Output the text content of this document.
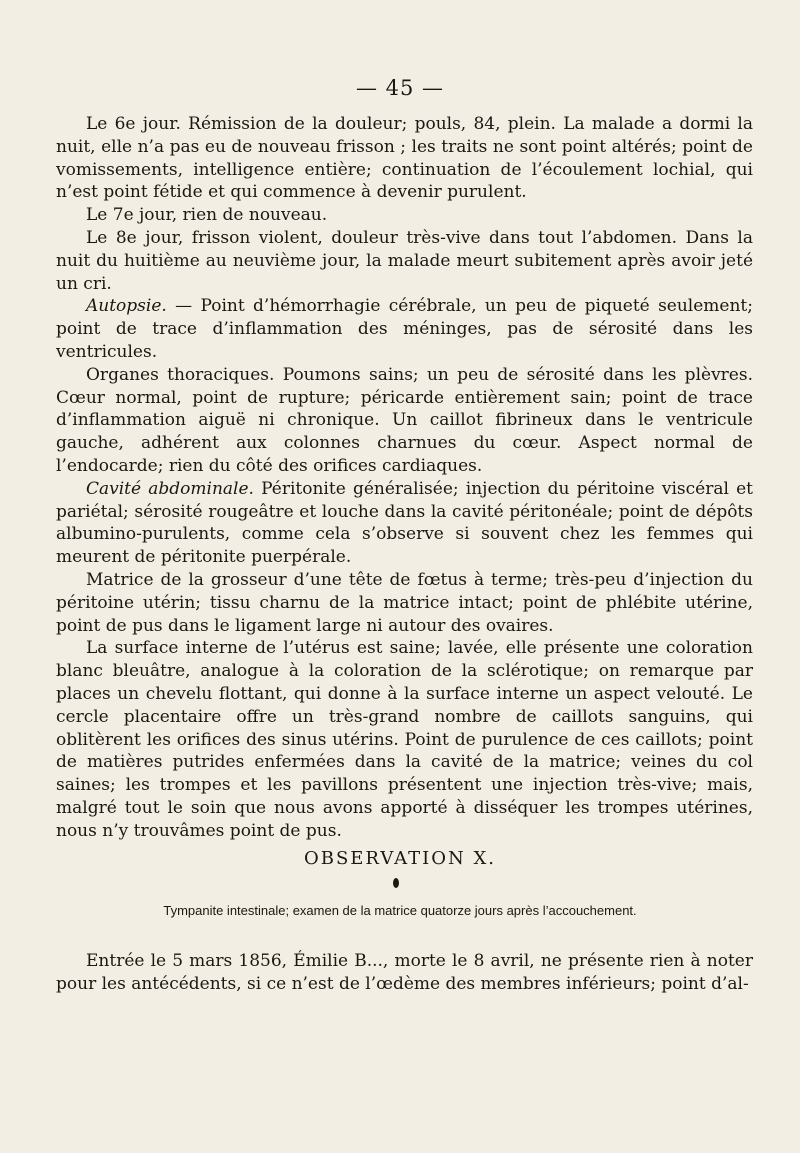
— 45 —

Le 6e jour. Rémission de la douleur; pouls, 84, plein. La malade a dormi la nuit, elle n’a pas eu de nouveau frisson ; les traits ne sont point altérés; point de vomissements, intelligence entière; continuation de l’écoulement lochial, qui n’est point fétide et qui commence à devenir purulent.

Le 7e jour, rien de nouveau.

Le 8e jour, frisson violent, douleur très-vive dans tout l’abdomen. Dans la nuit du huitième au neuvième jour, la malade meurt subitement après avoir jeté un cri.

Autopsie. — Point d’hémorrhagie cérébrale, un peu de piqueté seulement; point de trace d’inflammation des méninges, pas de sérosité dans les ventricules.

Organes thoraciques. Poumons sains; un peu de sérosité dans les plèvres. Cœur normal, point de rupture; péricarde entièrement sain; point de trace d’inflammation aiguë ni chronique. Un caillot fibrineux dans le ventricule gauche, adhérent aux colonnes charnues du cœur. Aspect normal de l’endocarde; rien du côté des orifices cardiaques.

Cavité abdominale. Péritonite généralisée; injection du péritoine viscéral et pariétal; sérosité rougeâtre et louche dans la cavité péritonéale; point de dépôts albumino-purulents, comme cela s’observe si souvent chez les femmes qui meurent de péritonite puerpérale.

Matrice de la grosseur d’une tête de fœtus à terme; très-peu d’injection du péritoine utérin; tissu charnu de la matrice intact; point de phlébite utérine, point de pus dans le ligament large ni autour des ovaires.

La surface interne de l’utérus est saine; lavée, elle présente une coloration blanc bleuâtre, analogue à la coloration de la sclérotique; on remarque par places un chevelu flottant, qui donne à la surface interne un aspect velouté. Le cercle placentaire offre un très-grand nombre de caillots sanguins, qui oblitèrent les orifices des sinus utérins. Point de purulence de ces caillots; point de matières putrides enfermées dans la cavité de la matrice; veines du col saines; les trompes et les pavillons présentent une injection très-vive; mais, malgré tout le soin que nous avons apporté à disséquer les trompes utérines, nous n’y trouvâmes point de pus.

OBSERVATION X.
Tympanite intestinale; examen de la matrice quatorze jours après l’accouchement.

Entrée le 5 mars 1856, Émilie B..., morte le 8 avril, ne présente rien à noter pour les antécédents, si ce n’est de l’œdème des membres inférieurs; point d’al-
